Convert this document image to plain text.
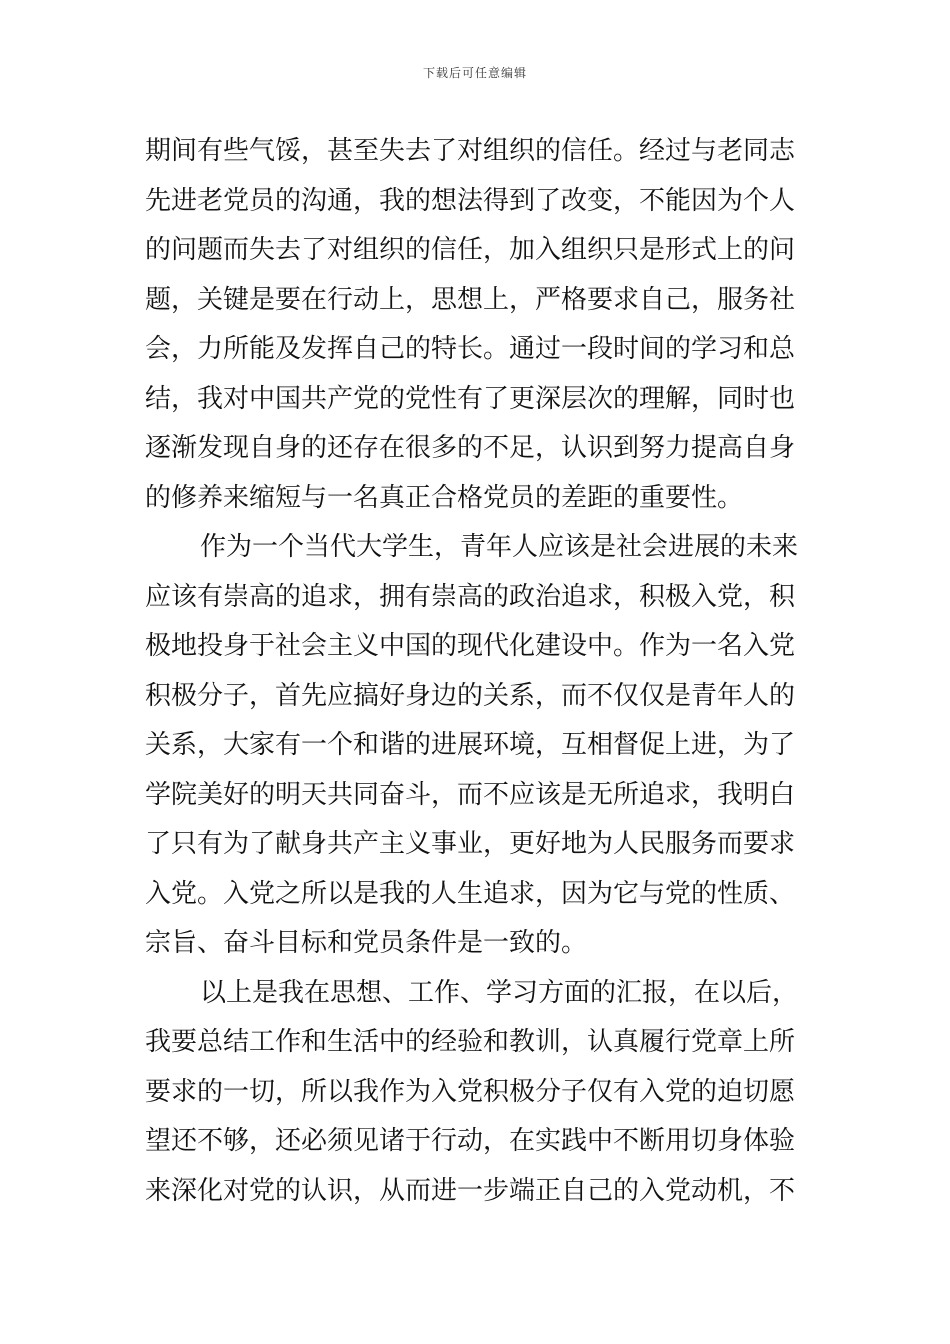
下载后可任意编辑
期间有些气馁，甚至失去了对组织的信任。经过与老同志
先进老党员的沟通，我的想法得到了改变，不能因为个人
的问题而失去了对组织的信任，加入组织只是形式上的问
题，关键是要在行动上，思想上，严格要求自己，服务社
会，力所能及发挥自己的特长。通过一段时间的学习和总
结，我对中国共产党的党性有了更深层次的理解，同时也
逐渐发现自身的还存在很多的不足，认识到努力提高自身
的修养来缩短与一名真正合格党员的差距的重要性。
作为一个当代大学生，青年人应该是社会进展的未来
应该有崇高的追求，拥有崇高的政治追求，积极入党，积
极地投身于社会主义中国的现代化建设中。作为一名入党
积极分子，首先应搞好身边的关系，而不仅仅是青年人的
关系，大家有一个和谐的进展环境，互相督促上进，为了
学院美好的明天共同奋斗，而不应该是无所追求，我明白
了只有为了献身共产主义事业，更好地为人民服务而要求
入党。入党之所以是我的人生追求，因为它与党的性质、
宗旨、奋斗目标和党员条件是一致的。
以上是我在思想、工作、学习方面的汇报，在以后，
我要总结工作和生活中的经验和教训，认真履行党章上所
要求的一切，所以我作为入党积极分子仅有入党的迫切愿
望还不够，还必须见诸于行动，在实践中不断用切身体验
来深化对党的认识，从而进一步端正自己的入党动机，不
